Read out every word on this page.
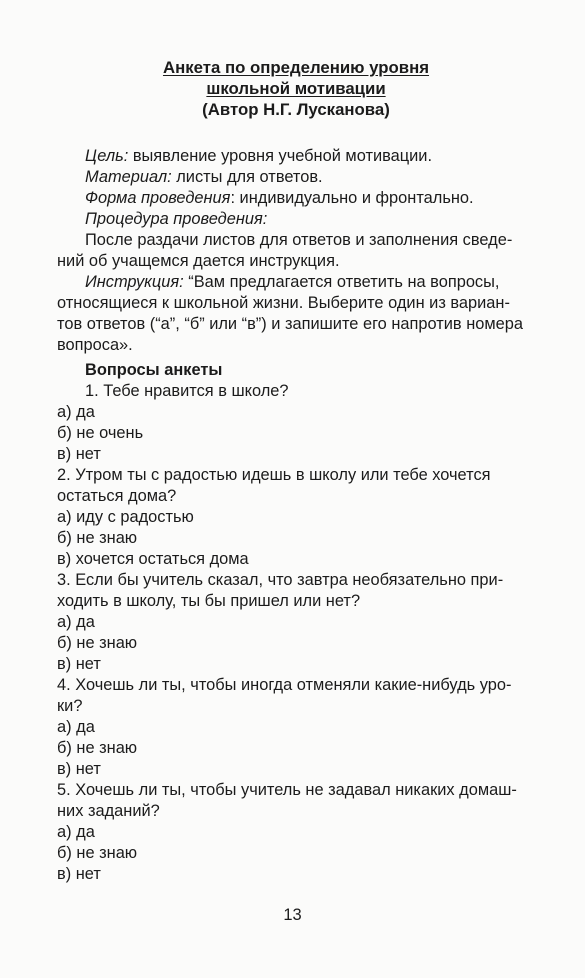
Анкета по определению уровня
школьной мотивации
(Автор Н.Г. Лусканова)

Цель: выявление уровня учебной мотивации.

Материал: листы для ответов.

Форма проведения: индивидуально и фронтально.

Процедура проведения:

После раздачи листов для ответов и заполнения сведе-

ний об учащемся дается инструкция.

Инструкция: “Вам предлагается ответить на вопросы,

относящиеся к школьной жизни. Выберите один из вариан-

тов ответов (“а”, “б” или “в”) и запишите его напротив номера

вопроса».

Вопросы анкеты

1. Тебе нравится в школе?

а) да

б) не очень

в) нет

2. Утром ты с радостью идешь в школу или тебе хочется

остаться дома?

а) иду с радостью

б) не знаю

в) хочется остаться дома

3. Если бы учитель сказал, что завтра необязательно при-

ходить в школу, ты бы пришел или нет?

а) да

б) не знаю

в) нет

4. Хочешь ли ты, чтобы иногда отменяли какие-нибудь уро-

ки?

а) да

б) не знаю

в) нет

5. Хочешь ли ты, чтобы учитель не задавал никаких домаш-

них заданий?

а) да

б) не знаю

в) нет

13
